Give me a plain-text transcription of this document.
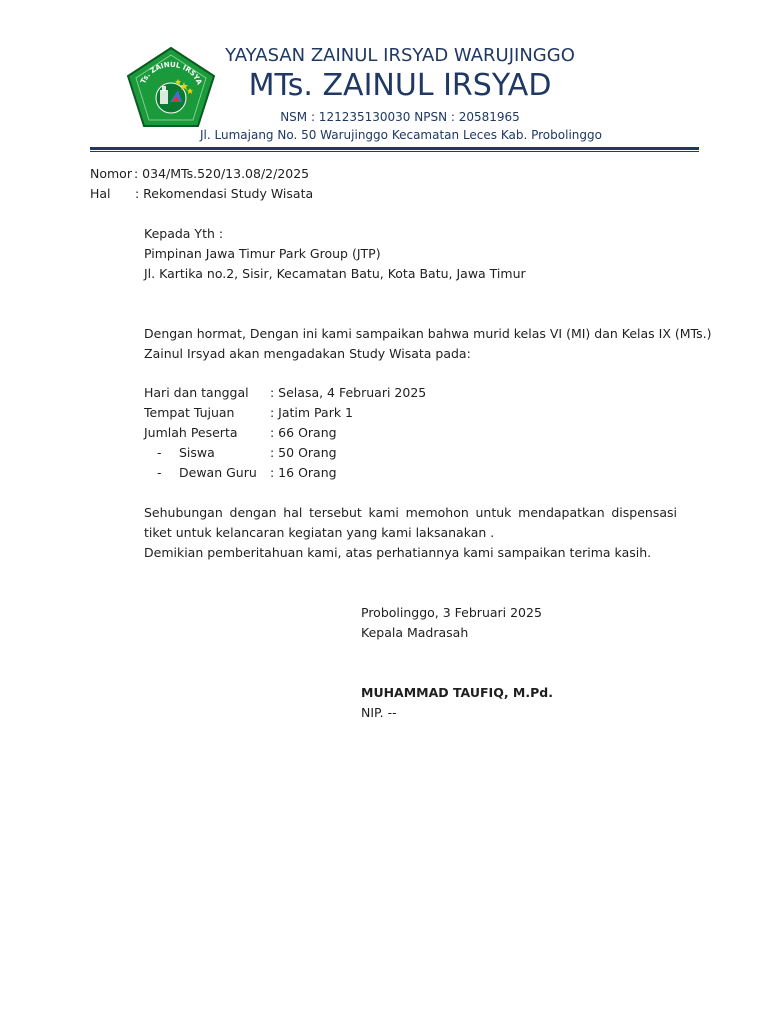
Ts. ZAINUL IRSYA
YAYASAN ZAINUL IRSYAD WARUJINGGO
MTs. ZAINUL IRSYAD
NSM : 121235130030 NPSN : 20581965
Jl. Lumajang No. 50 Warujinggo Kecamatan Leces Kab. Probolinggo
Nomor : 034/MTs.520/13.08/2/2025
Hal : Rekomendasi Study Wisata
Kepada Yth :
Pimpinan Jawa Timur Park Group (JTP)
Jl. Kartika no.2, Sisir, Kecamatan Batu, Kota Batu, Jawa Timur
Dengan hormat, Dengan ini kami sampaikan bahwa murid kelas VI (MI) dan Kelas IX (MTs.)
Zainul Irsyad akan mengadakan Study Wisata pada:
Hari dan tanggal : Selasa, 4 Februari 2025
Tempat Tujuan	: Jatim Park 1
Jumlah Peserta	: 66 Orang
- Siswa	: 50 Orang
- Dewan Guru : 16 Orang
Sehubungan dengan hal tersebut kami memohon untuk mendapatkan dispensasi tiket untuk kelancaran kegiatan yang kami laksanakan .
Demikian pemberitahuan kami, atas perhatiannya kami sampaikan terima kasih.
Probolinggo, 3 Februari 2025
Kepala Madrasah
MUHAMMAD TAUFIQ, M.Pd.
NIP. --
